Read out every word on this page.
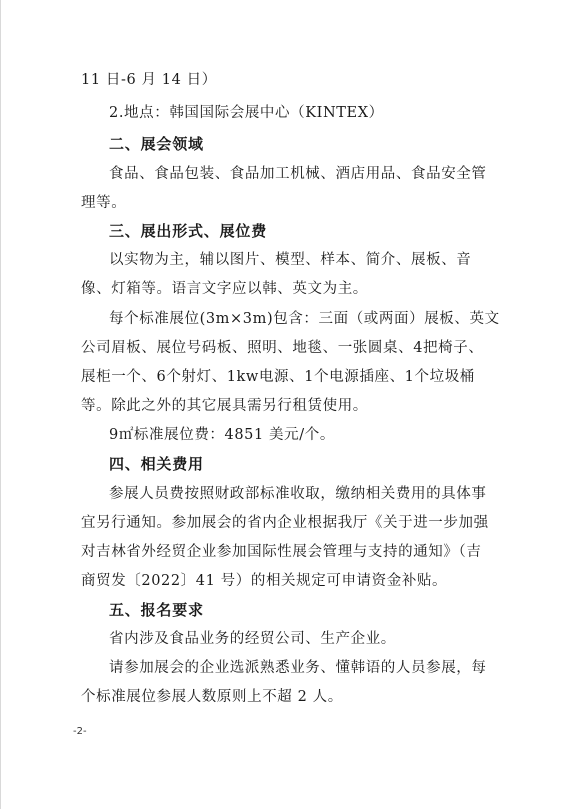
11 日-6 月 14 日）
2.地点：韩国国际会展中心（KINTEX）
二、展会领域
食品、食品包装、食品加工机械、酒店用品、食品安全管
理等。
三、展出形式、展位费
以实物为主，辅以图片、模型、样本、简介、展板、音
像、灯箱等。语言文字应以韩、英文为主。
每个标准展位(3m×3m)包含：三面（或两面）展板、英文
公司眉板、展位号码板、照明、地毯、一张圆桌、4把椅子、
展柜一个、6个射灯、1kw电源、1个电源插座、1个垃圾桶
等。除此之外的其它展具需另行租赁使用。
9㎡标准展位费：4851 美元/个。
四、相关费用
参展人员费按照财政部标准收取，缴纳相关费用的具体事
宜另行通知。参加展会的省内企业根据我厅《关于进一步加强
对吉林省外经贸企业参加国际性展会管理与支持的通知》（吉
商贸发〔2022〕41 号）的相关规定可申请资金补贴。
五、报名要求
省内涉及食品业务的经贸公司、生产企业。
请参加展会的企业选派熟悉业务、懂韩语的人员参展，每
个标准展位参展人数原则上不超 2 人。
-2-
